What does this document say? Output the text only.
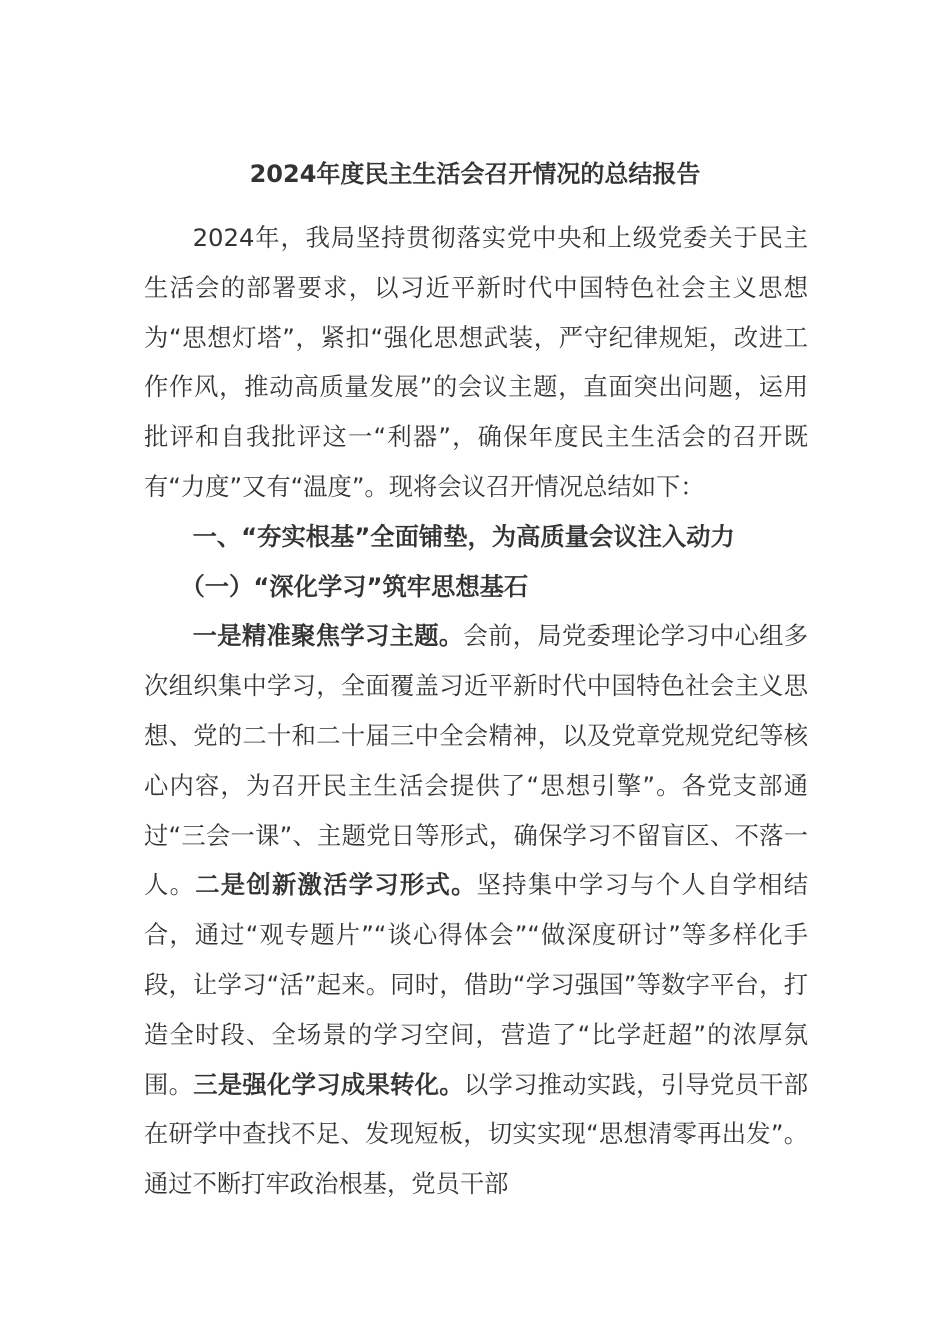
2024年度民主生活会召开情况的总结报告

2024年，我局坚持贯彻落实党中央和上级党委关于民主生活会的部署要求，以习近平新时代中国特色社会主义思想为“思想灯塔”，紧扣“强化思想武装，严守纪律规矩，改进工作作风，推动高质量发展”的会议主题，直面突出问题，运用批评和自我批评这一“利器”，确保年度民主生活会的召开既有“力度”又有“温度”。现将会议召开情况总结如下：

一、“夯实根基”全面铺垫，为高质量会议注入动力

（一）“深化学习”筑牢思想基石

一是精准聚焦学习主题。会前，局党委理论学习中心组多次组织集中学习，全面覆盖习近平新时代中国特色社会主义思想、党的二十和二十届三中全会精神，以及党章党规党纪等核心内容，为召开民主生活会提供了“思想引擎”。各党支部通过“三会一课”、主题党日等形式，确保学习不留盲区、不落一人。二是创新激活学习形式。坚持集中学习与个人自学相结合，通过“观专题片”“谈心得体会”“做深度研讨”等多样化手段，让学习“活”起来。同时，借助“学习强国”等数字平台，打造全时段、全场景的学习空间，营造了“比学赶超”的浓厚氛围。三是强化学习成果转化。以学习推动实践，引导党员干部在研学中查找不足、发现短板，切实实现“思想清零再出发”。通过不断打牢政治根基，党员干部
